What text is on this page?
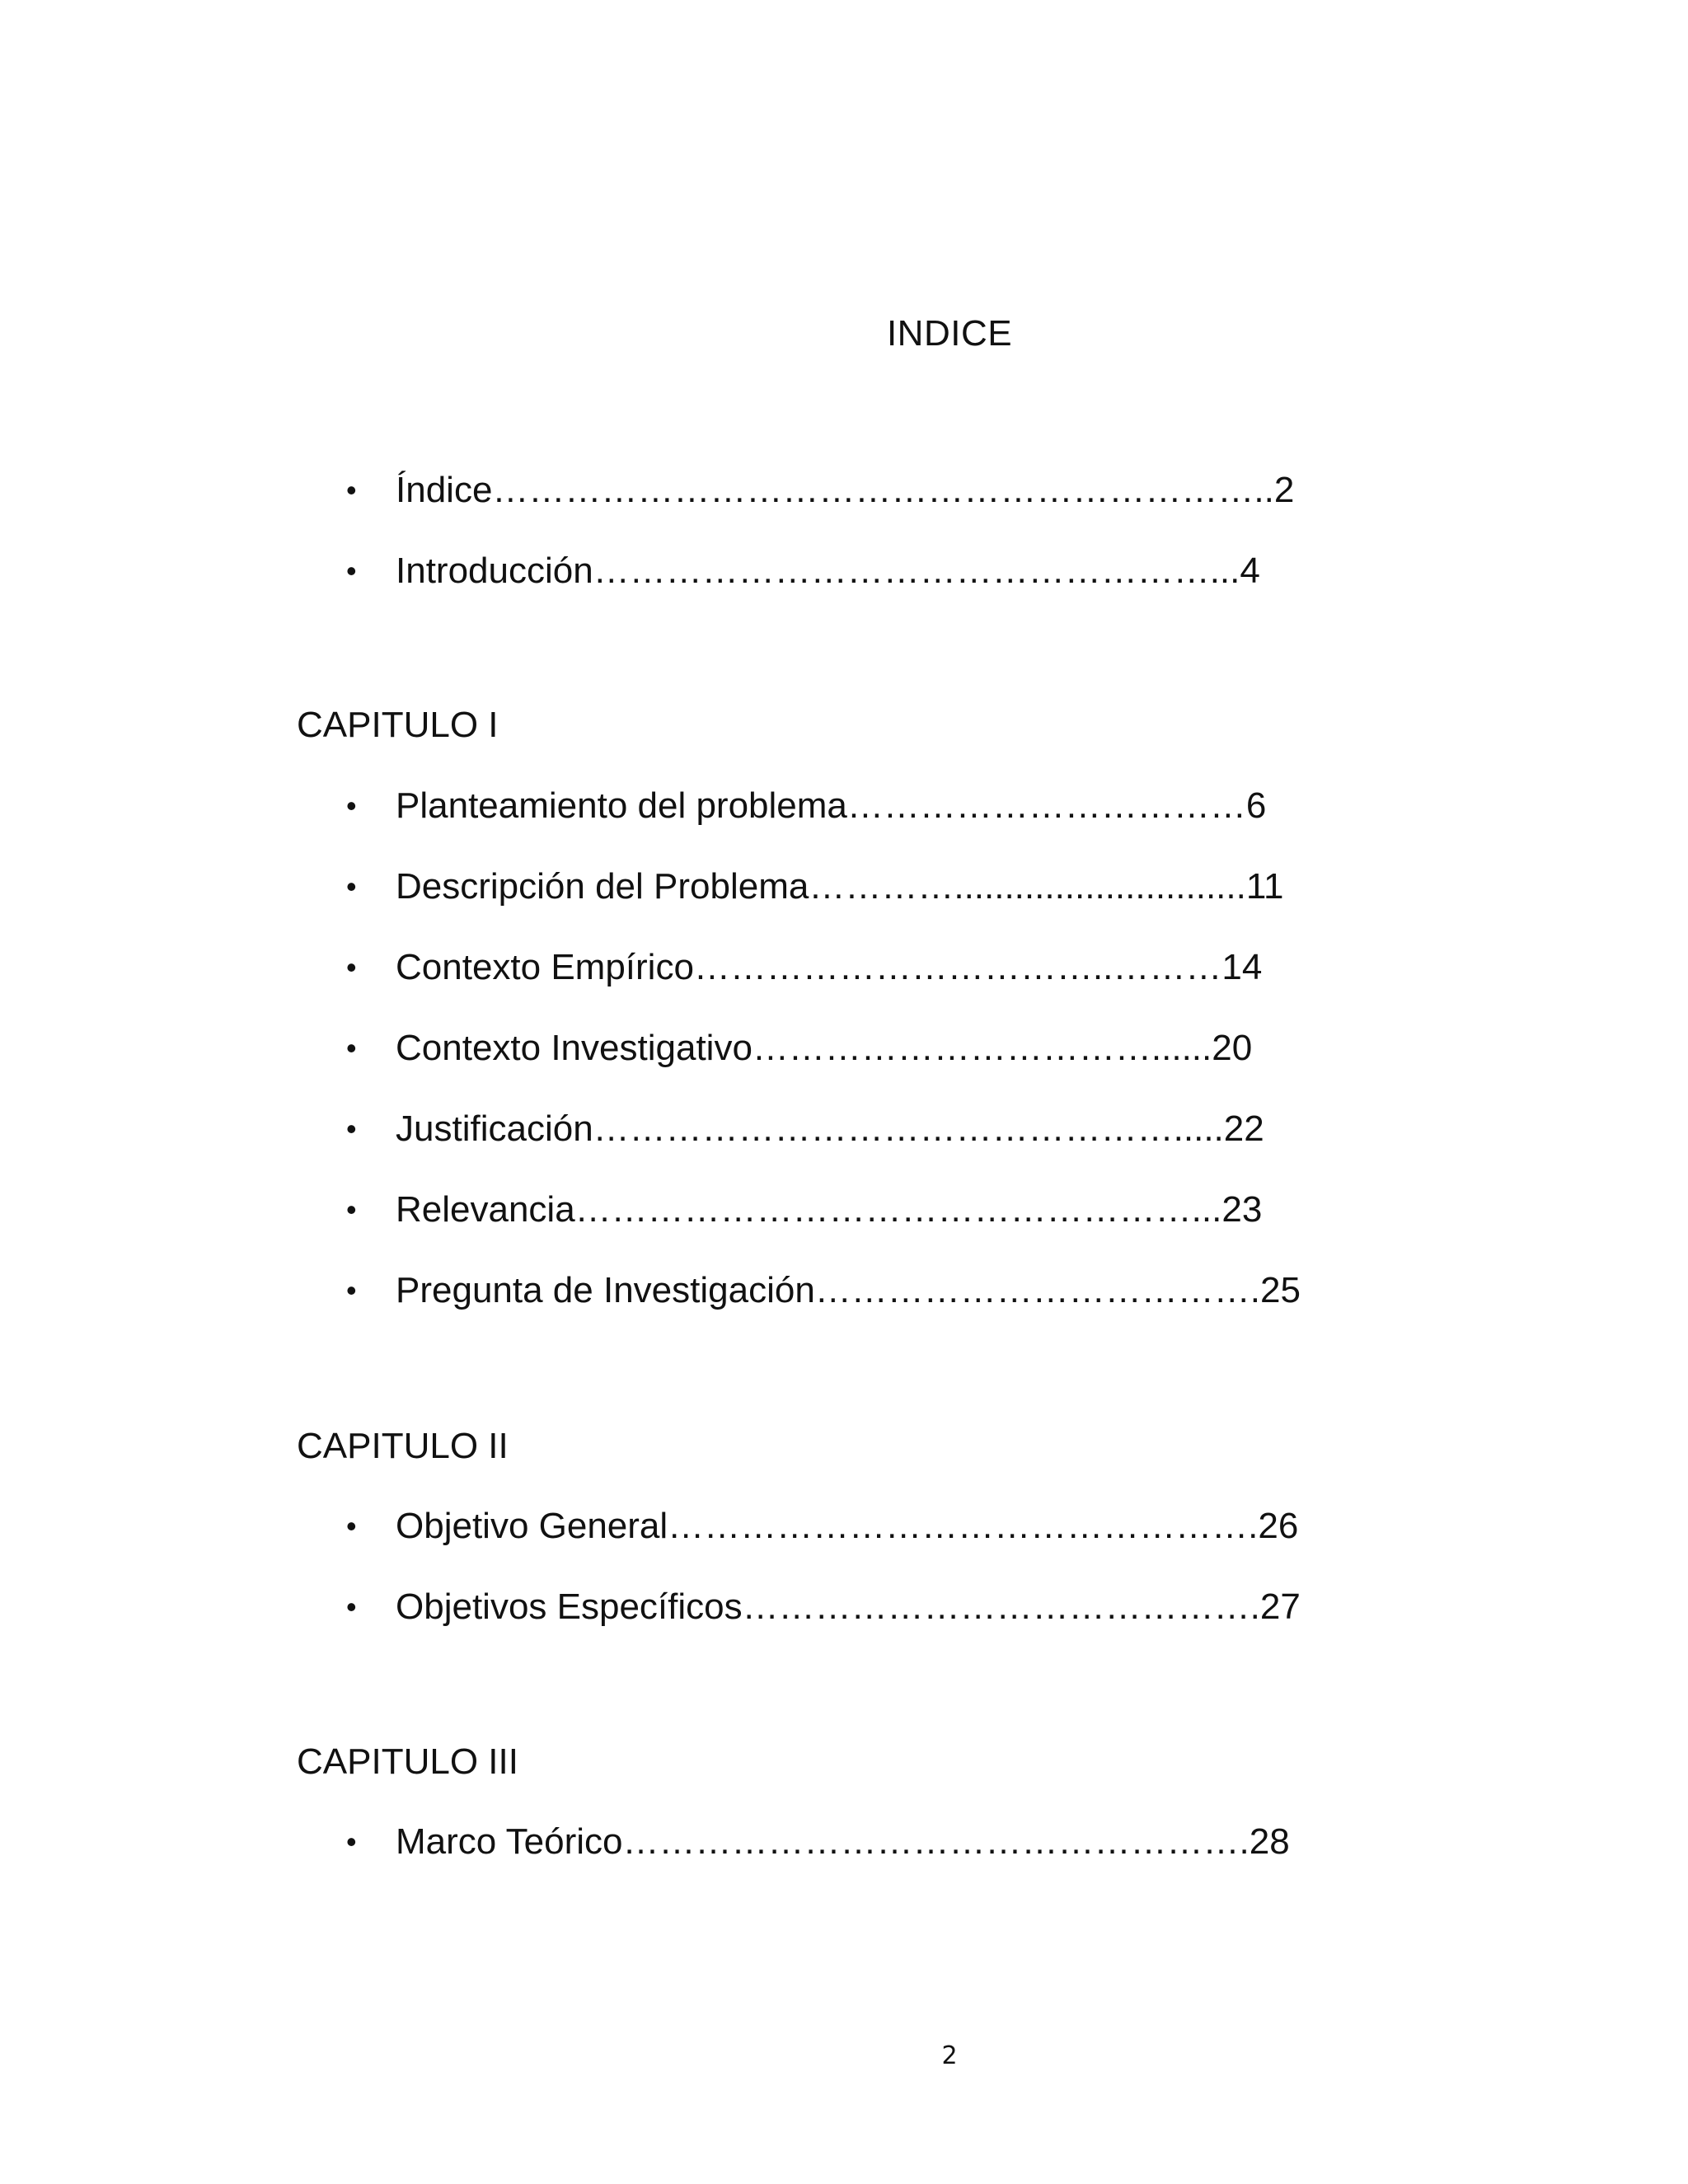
INDICE
• Índice………………………………………………………..2
• Introducción……………………………………………...4
CAPITULO I
• Planteamiento del problema……………………………6
• Descripción del Problema………….............................11
• Contexto Empírico……………………………..………14
• Contexto Investigativo……………………………......20
• Justificación………………………………………….....22
• Relevancia……………………………………………...23
• Pregunta de Investigación……………………………….25
CAPITULO II
• Objetivo General………………………………………….26
• Objetivos Específicos…………………………………….27
CAPITULO III
• Marco Teórico…………………………………………….28
2
